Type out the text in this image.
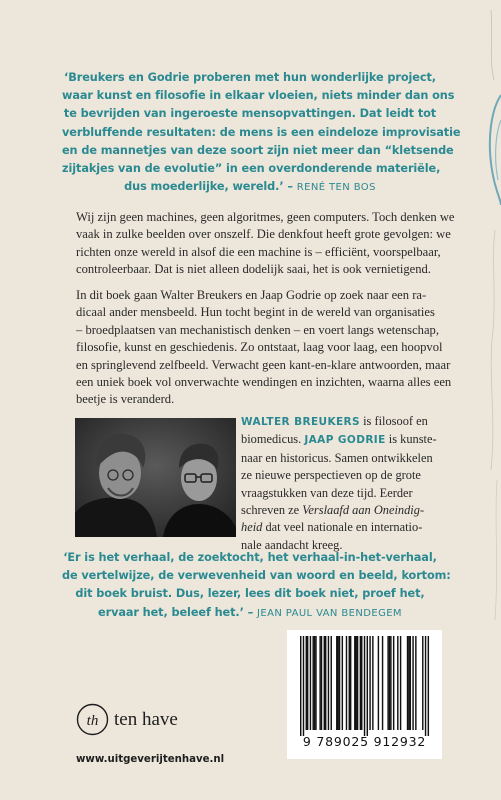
‘Breukers en Godrie proberen met hun wonderlijke project,
waar kunst en filosofie in elkaar vloeien, niets minder dan ons
te bevrijden van ingeroeste mensopvattingen. Dat leidt tot
verbluffende resultaten: de mens is een eindeloze improvisatie
en de mannetjes van deze soort zijn niet meer dan “kletsende
zijtakjes van de evolutie” in een overdonderende materiële,
dus moederlijke, wereld.’ – RENÉ TEN BOS
Wij zijn geen machines, geen algoritmes, geen computers. Toch denken we
vaak in zulke beelden over onszelf. Die denkfout heeft grote gevolgen: we
richten onze wereld in alsof die een machine is – efficiënt, voorspelbaar,
controleerbaar. Dat is niet alleen dodelijk saai, het is ook vernietigend.
In dit boek gaan Walter Breukers en Jaap Godrie op zoek naar een ra-
dicaal ander mensbeeld. Hun tocht begint in de wereld van organisaties
– broedplaatsen van mechanistisch denken – en voert langs wetenschap,
filosofie, kunst en geschiedenis. Zo ontstaat, laag voor laag, een hoopvol
en springlevend zelfbeeld. Verwacht geen kant-en-klare antwoorden, maar
een uniek boek vol onverwachte wendingen en inzichten, waarna alles een
beetje is veranderd.
WALTER BREUKERS is filosoof en
biomedicus. JAAP GODRIE is kunste-
naar en historicus. Samen ontwikkelen
ze nieuwe perspectieven op de grote
vraagstukken van deze tijd. Eerder
schreven ze Verslaafd aan Oneindig-
heid dat veel nationale en internatio-
nale aandacht kreeg.
‘Er is het verhaal, de zoektocht, het verhaal-in-het-verhaal,
de vertelwijze, de verwevenheid van woord en beeld, kortom:
dit boek bruist. Dus, lezer, lees dit boek niet, proef het,
ervaar het, beleef het.’ – JEAN PAUL VAN BENDEGEM
9 789025 912932
th ten have
www.uitgeverijtenhave.nl
